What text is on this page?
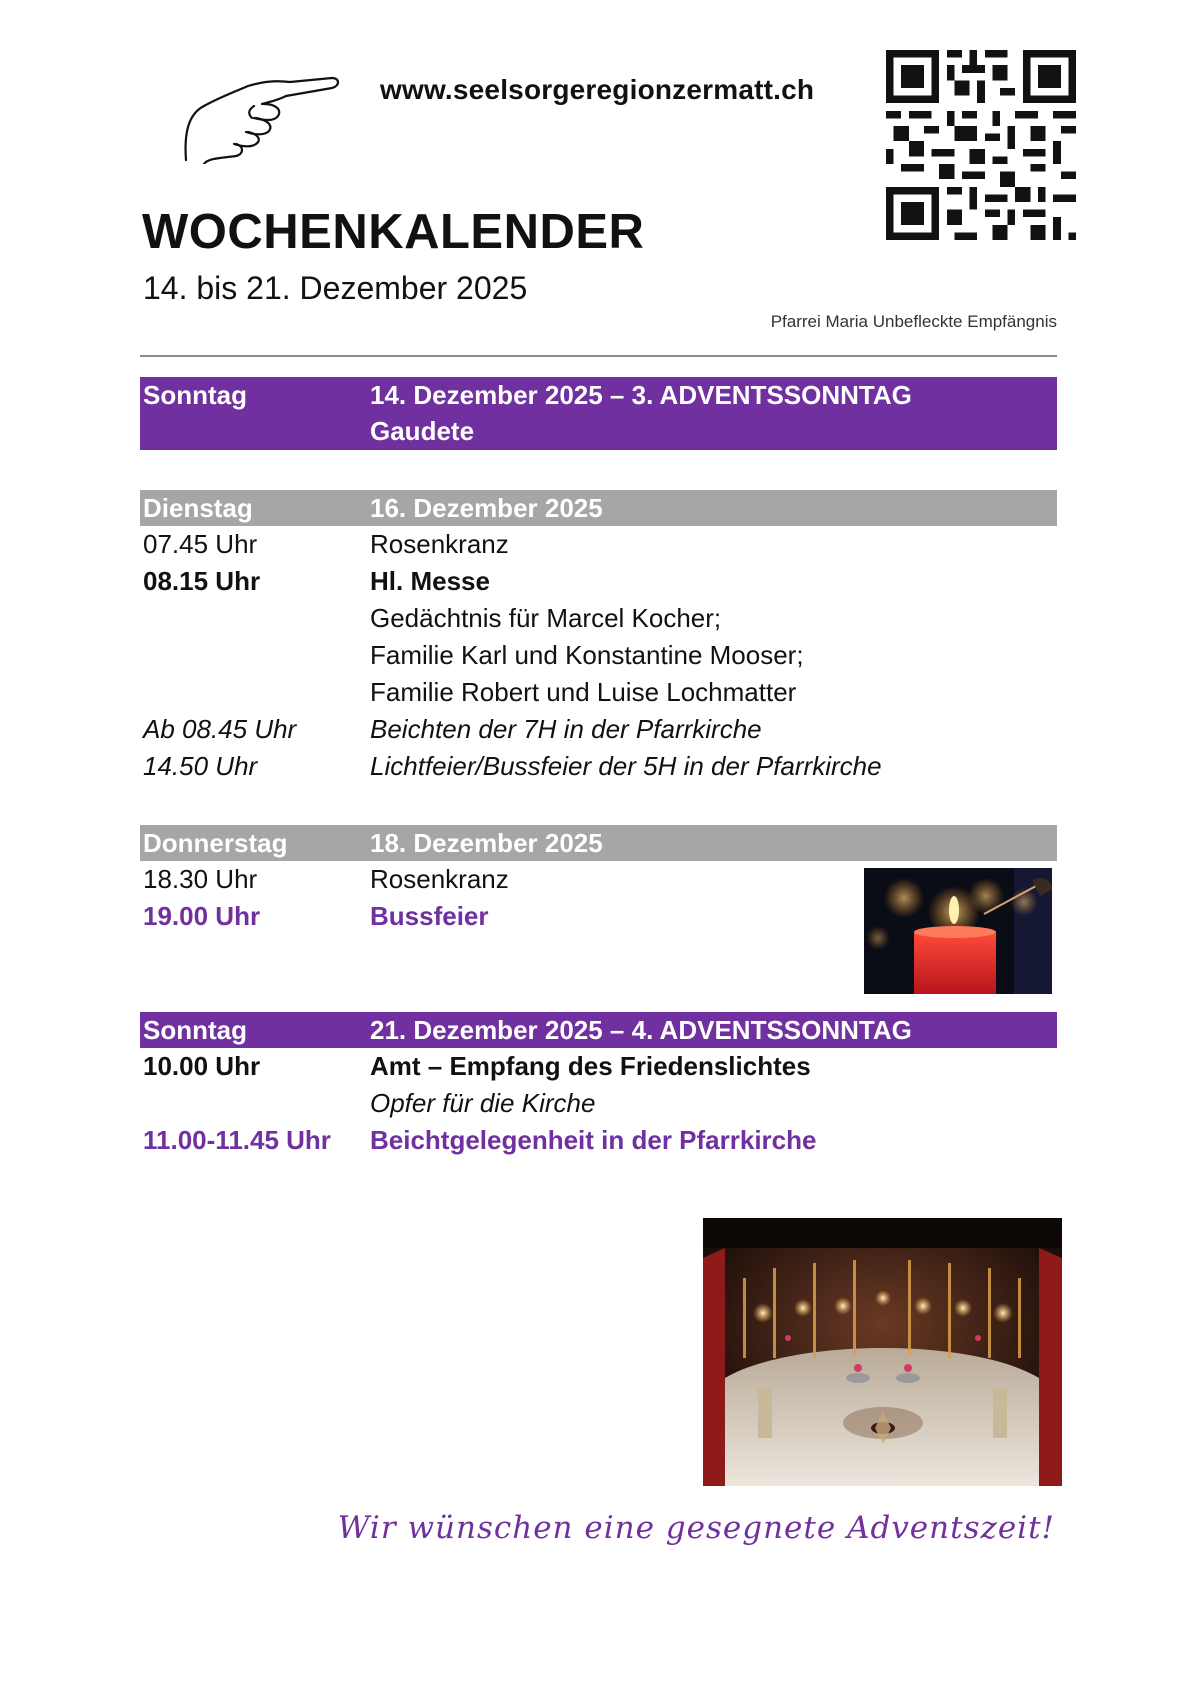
www.seelsorgeregionzermatt.ch
WOCHENKALENDER
14. bis 21. Dezember 2025
Pfarrei Maria Unbefleckte Empfängnis
Sonntag	14. Dezember 2025 – 3. ADVENTSSONNTAG
Gaudete
Dienstag	16. Dezember 2025
07.45 Uhr	Rosenkranz
08.15 Uhr	Hl. Messe
Gedächtnis für Marcel Kocher;
Familie Karl und Konstantine Mooser;
Familie Robert und Luise Lochmatter
Ab 08.45 Uhr	Beichten der 7H in der Pfarrkirche
14.50 Uhr	Lichtfeier/Bussfeier der 5H in der Pfarrkirche
Donnerstag	18. Dezember 2025
18.30 Uhr	Rosenkranz
19.00 Uhr	Bussfeier
Sonntag	21. Dezember 2025 – 4. ADVENTSSONNTAG
10.00 Uhr	Amt – Empfang des Friedenslichtes
Opfer für die Kirche
11.00-11.45 Uhr Beichtgelegenheit in der Pfarrkirche
Wir wünschen eine gesegnete Adventszeit!
